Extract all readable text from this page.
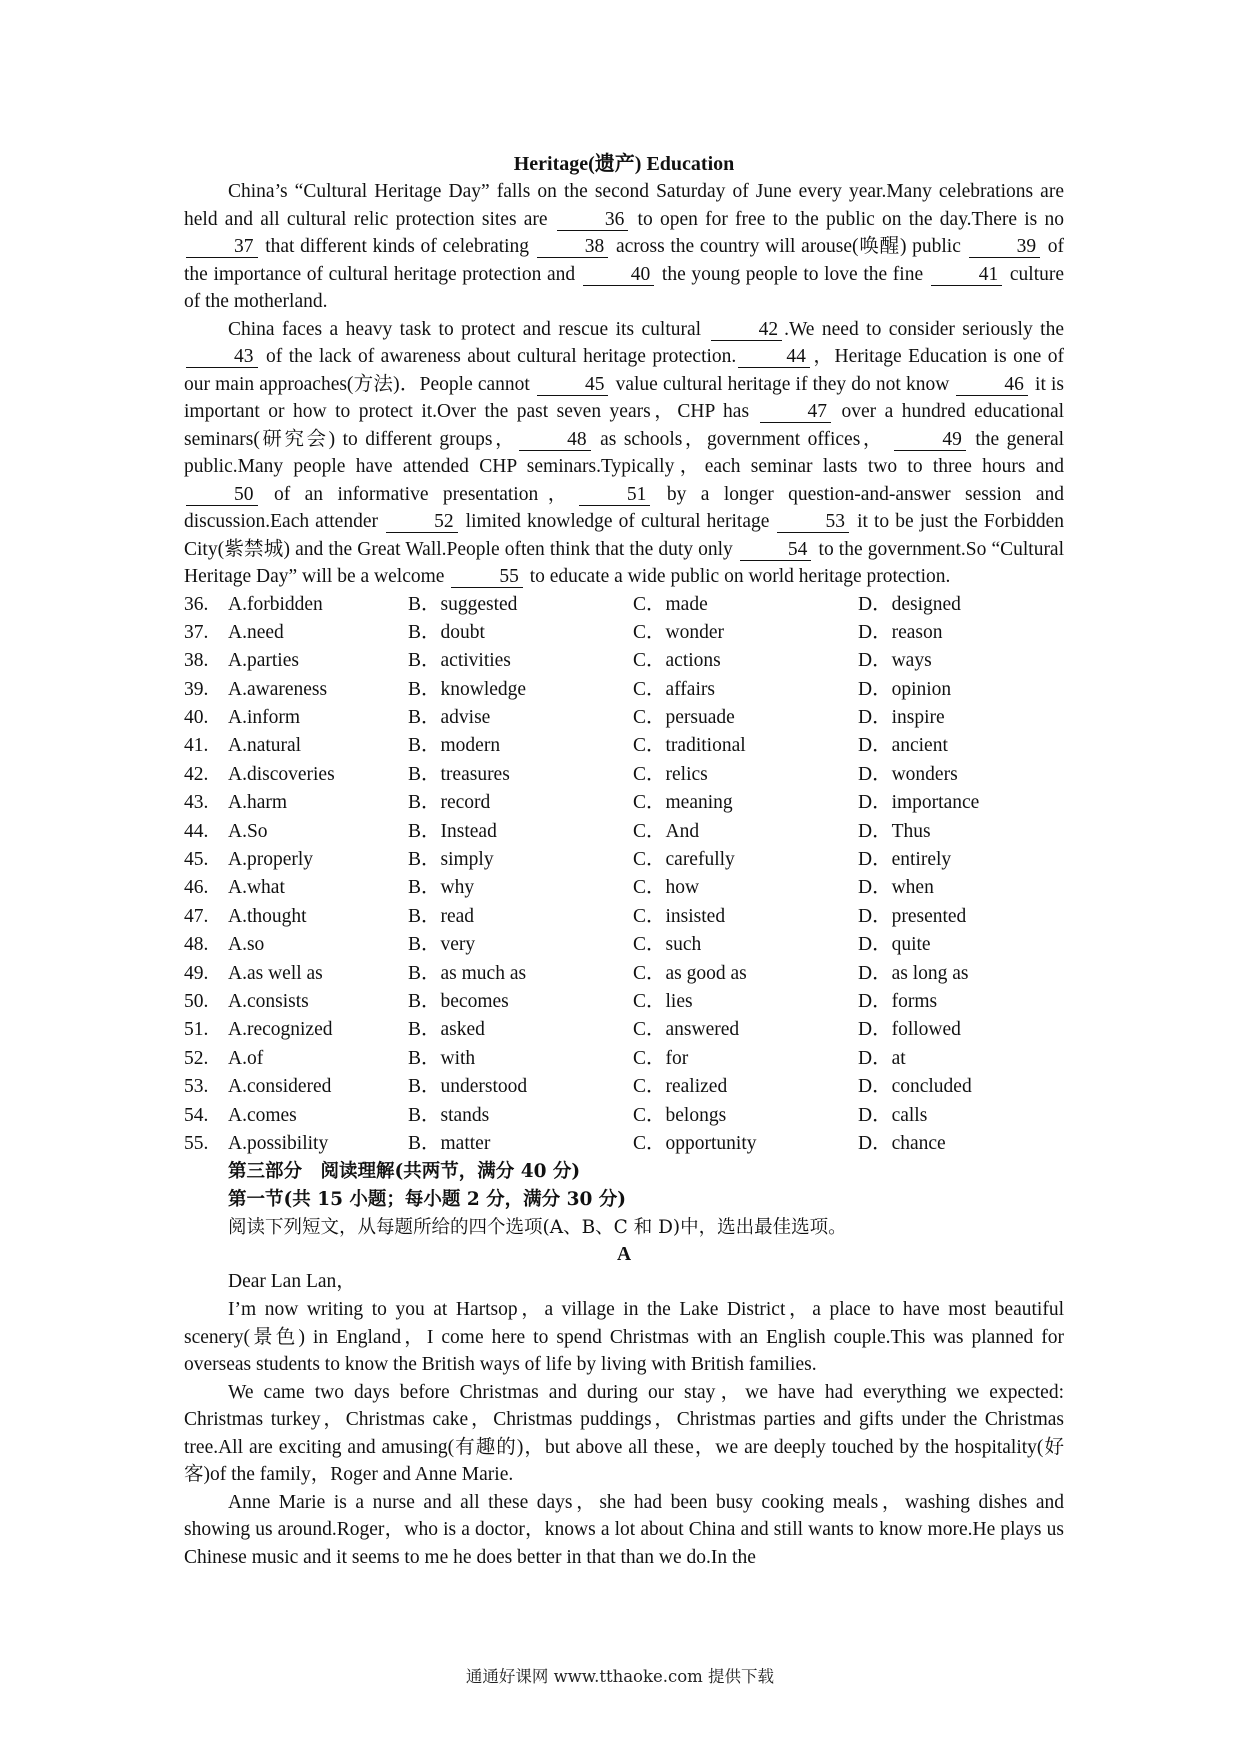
Heritage(遗产) Education

China’s “Cultural Heritage Day” falls on the second Saturday of June every year.Many celebrations are held and all cultural relic protection sites are	36 to open for free to the public on the day.There is no 37 that different kinds of celebrating	38 across the country will arouse(唤醒) public	39 of the importance of cultural heritage protection and	40 the young people to love the fine	41 culture of the motherland.

China faces a heavy task to protect and rescue its cultural	42 .We need to consider seriously the 43 of the lack of awareness about cultural heritage protection.	44 ，Heritage Education is one of our main approaches(方法)．People cannot	45 value cultural heritage if they do not know	46 it is important or how to protect it.Over the past seven years，CHP has	47 over a hundred educational seminars(研究会) to different groups，	48 as schools，government offices，	49 the general public.Many people have attended CHP seminars.Typically，each seminar lasts two to three hours and 50 of an informative presentation，	51 by a longer question-and-answer session and discussion.Each attender	52 limited knowledge of cultural heritage	53 it to be just the Forbidden City(紫禁城) and the Great Wall.People often think that the duty only	54 to the government.So “Cultural Heritage Day” will be a welcome	55 to educate a wide public on world heritage protection.

36.	A.forbidden	B．suggested	C．made	D．designed
37.	A.need	B．doubt	C．wonder	D．reason
38.	A.parties	B．activities	C．actions	D．ways
39.	A.awareness	B．knowledge	C．affairs	D．opinion
40.	A.inform	B．advise	C．persuade	D．inspire
41.	A.natural	B．modern	C．traditional	D．ancient
42.	A.discoveries	B．treasures	C．relics	D．wonders
43.	A.harm	B．record	C．meaning	D．importance
44.	A.So	B．Instead	C．And	D．Thus
45.	A.properly	B．simply	C．carefully	D．entirely
46.	A.what	B．why	C．how	D．when
47.	A.thought	B．read	C．insisted	D．presented
48.	A.so	B．very	C．such	D．quite
49.	A.as well as	B．as much as	C．as good as	D．as long as
50.	A.consists	B．becomes	C．lies	D．forms
51.	A.recognized	B．asked	C．answered	D．followed
52.	A.of	B．with	C．for	D．at
53.	A.considered	B．understood	C．realized	D．concluded
54.	A.comes	B．stands	C．belongs	D．calls
55.	A.possibility	B．matter	C．opportunity	D．chance

第三部分　阅读理解(共两节，满分 40 分)

第一节(共 15 小题；每小题 2 分，满分 30 分)

阅读下列短文，从每题所给的四个选项(A、B、C 和 D)中，选出最佳选项。

A

Dear Lan Lan，

I’m now writing to you at Hartsop，a village in the Lake District，a place to have most beautiful scenery(景色) in England，I come here to spend Christmas with an English couple.This was planned for overseas students to know the British ways of life by living with British families.

We came two days before Christmas and during our stay，we have had everything we expected: Christmas turkey，Christmas cake，Christmas puddings，Christmas parties and gifts under the Christmas tree.All are exciting and amusing(有趣的)，but above all these，we are deeply touched by the hospitality(好客)of the family，Roger and Anne Marie.

Anne Marie is a nurse and all these days，she had been busy cooking meals，washing dishes and showing us around.Roger，who is a doctor，knows a lot about China and still wants to know more.He plays us Chinese music and it seems to me he does better in that than we do.In the

通通好课网 www.tthaoke.com 提供下载
